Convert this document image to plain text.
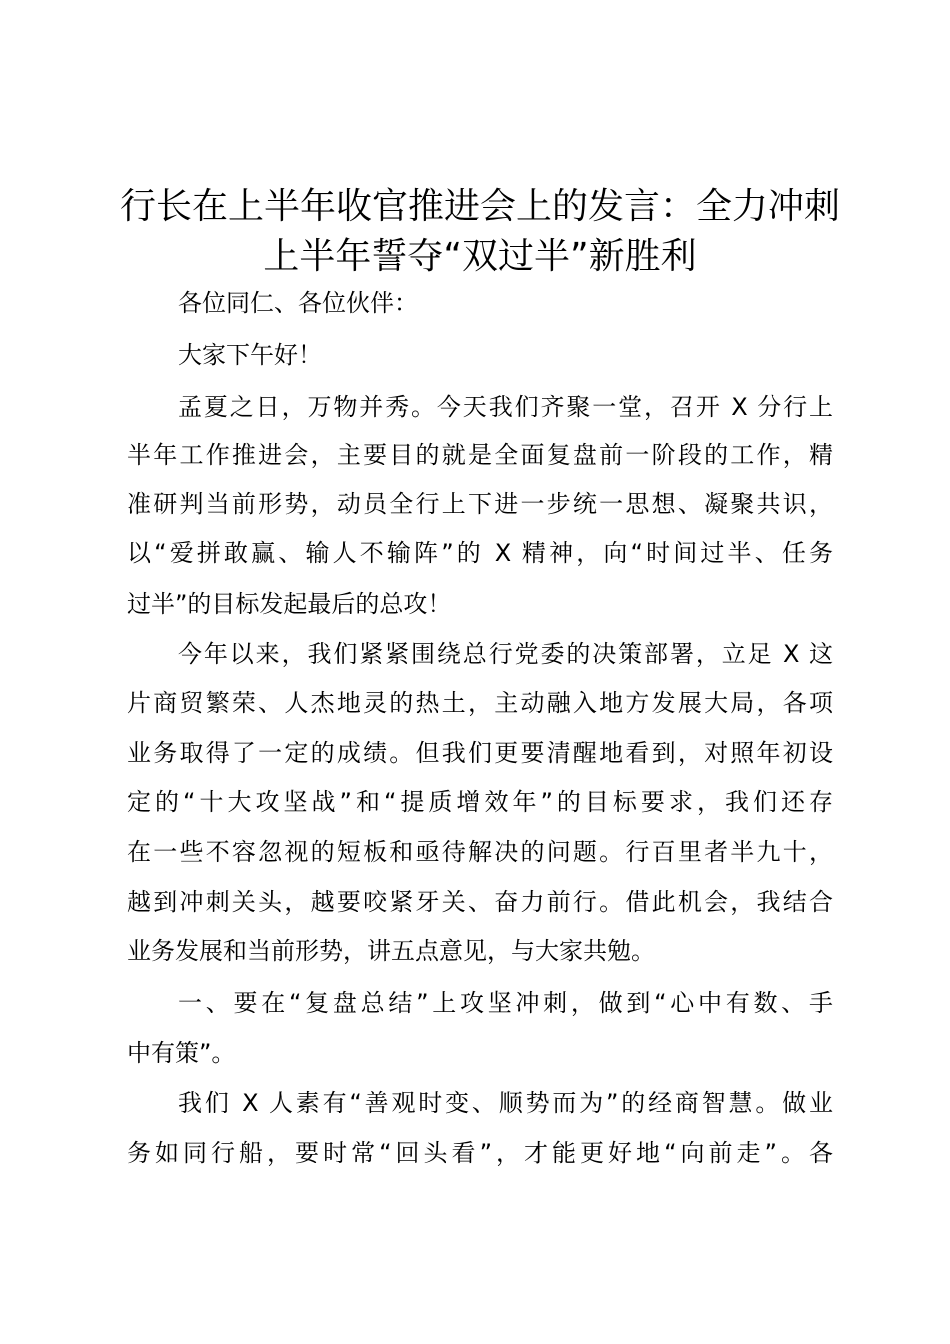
行长在上半年收官推进会上的发言：全力冲刺
上半年誓夺“双过半”新胜利

各位同仁、各位伙伴：

大家下午好！

孟夏之日，万物并秀。今天我们齐聚一堂，召开 X 分行上

半年工作推进会，主要目的就是全面复盘前一阶段的工作，精

准研判当前形势，动员全行上下进一步统一思想、凝聚共识，

以“爱拼敢赢、输人不输阵”的 X 精神，向“时间过半、任务

过半”的目标发起最后的总攻！

今年以来，我们紧紧围绕总行党委的决策部署，立足 X 这

片商贸繁荣、人杰地灵的热土，主动融入地方发展大局，各项

业务取得了一定的成绩。但我们更要清醒地看到，对照年初设

定的“十大攻坚战”和“提质增效年”的目标要求，我们还存

在一些不容忽视的短板和亟待解决的问题。行百里者半九十，

越到冲刺关头，越要咬紧牙关、奋力前行。借此机会，我结合

业务发展和当前形势，讲五点意见，与大家共勉。

一、要在“复盘总结”上攻坚冲刺，做到“心中有数、手

中有策”。

我们 X 人素有“善观时变、顺势而为”的经商智慧。做业

务如同行船，要时常“回头看”，才能更好地“向前走”。各
